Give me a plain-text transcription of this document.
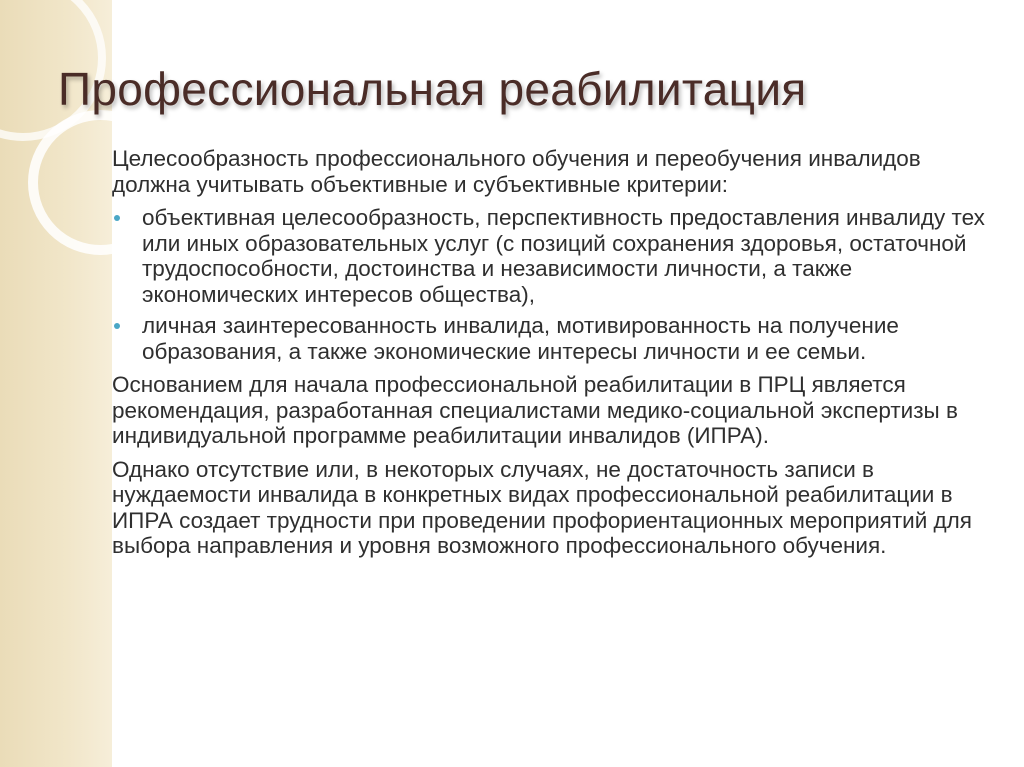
Профессиональная реабилитация

Целесообразность профессионального обучения и переобучения инвалидов должна учитывать объективные и субъективные критерии:

объективная целесообразность, перспективность предоставления инвалиду тех или иных образовательных услуг (с позиций сохранения здоровья, остаточной трудоспособности, достоинства и независимости личности, а также экономических интересов общества),
личная заинтересованность инвалида, мотивированность на получение образования, а также экономические интересы личности и ее семьи.

Основанием для начала профессиональной реабилитации в ПРЦ является рекомендация, разработанная специалистами медико-социальной экспертизы в индивидуальной программе реабилитации инвалидов (ИПРА).

Однако отсутствие или, в некоторых случаях, не достаточность записи в нуждаемости инвалида в конкретных видах профессиональной реабилитации в ИПРА создает трудности при проведении профориентационных мероприятий для выбора направления и уровня возможного профессионального обучения.
